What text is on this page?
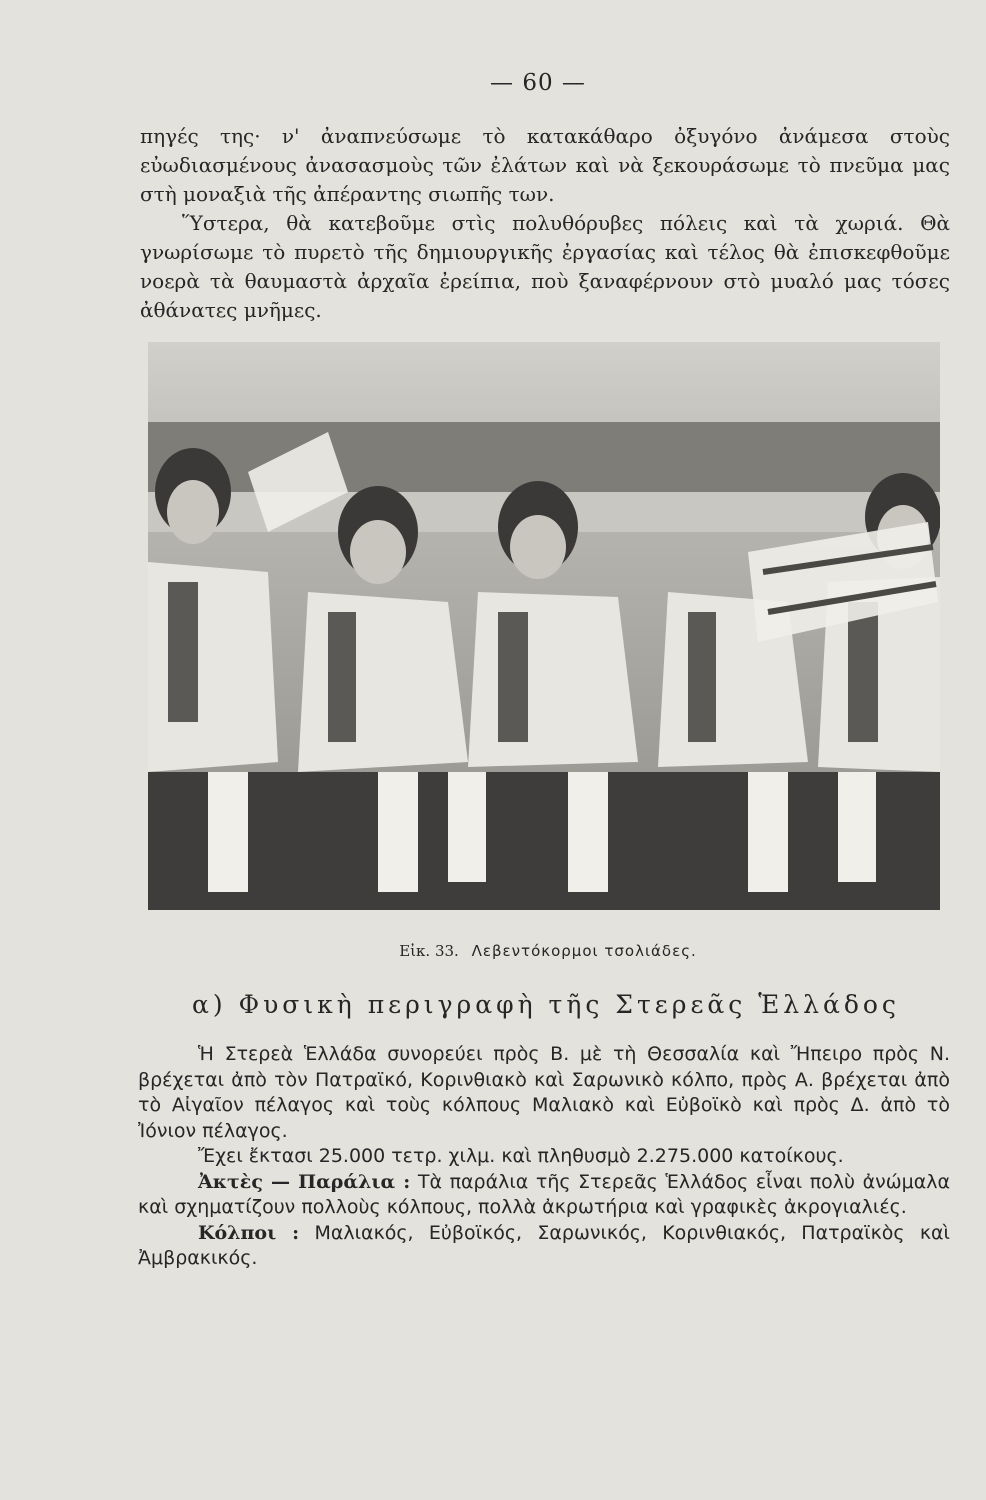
— 60 —

πηγές της· ν' ἀναπνεύσωμε τὸ κατακάθαρο ὀξυγόνο ἀνάμεσα στοὺς εὐωδιασμένους ἀνασασμοὺς τῶν ἐλάτων καὶ νὰ ξεκουράσωμε τὸ πνεῦμα μας στὴ μοναξιὰ τῆς ἀπέραντης σιωπῆς των.

Ὕστερα, θὰ κατεβοῦμε στὶς πολυθόρυβες πόλεις καὶ τὰ χωριά. Θὰ γνωρίσωμε τὸ πυρετὸ τῆς δημιουργικῆς ἐργασίας καὶ τέλος θὰ ἐπισκεφθοῦμε νοερὰ τὰ θαυμαστὰ ἀρχαῖα ἐρείπια, ποὺ ξαναφέρνουν στὸ μυαλό μας τόσες ἀθάνατες μνῆμες.

Εἰκ. 33. Λεβεντόκορμοι τσολιάδες.
α) Φυσικὴ περιγραφὴ τῆς Στερεᾶς Ἑλλάδος

Ἡ Στερεὰ Ἑλλάδα συνορεύει πρὸς Β. μὲ τὴ Θεσσαλία καὶ Ἤπειρο πρὸς Ν. βρέχεται ἀπὸ τὸν Πατραϊκό, Κορινθιακὸ καὶ Σαρωνικὸ κόλπο, πρὸς Α. βρέχεται ἀπὸ τὸ Αἰγαῖον πέλαγος καὶ τοὺς κόλπους Μαλιακὸ καὶ Εὐβοϊκὸ καὶ πρὸς Δ. ἀπὸ τὸ Ἰόνιον πέλαγος.

Ἔχει ἔκτασι 25.000 τετρ. χιλμ. καὶ πληθυσμὸ 2.275.000 κατοίκους.

Ἀκτὲς — Παράλια : Τὰ παράλια τῆς Στερεᾶς Ἑλλάδος εἶναι πολὺ ἀνώμαλα καὶ σχηματίζουν πολλοὺς κόλπους, πολλὰ ἀκρωτήρια καὶ γραφικὲς ἀκρογιαλιές.

Κόλποι : Μαλιακός, Εὐβοϊκός, Σαρωνικός, Κορινθιακός, Πατραϊκὸς καὶ Ἀμβρακικός.
